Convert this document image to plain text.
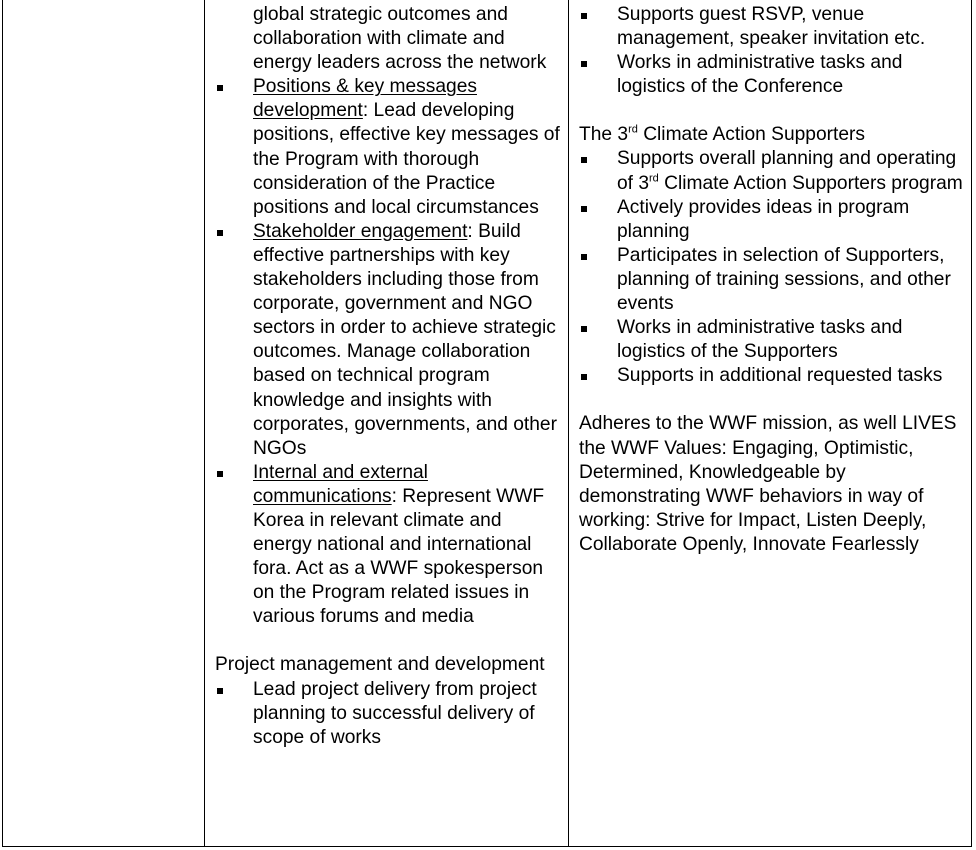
global strategic outcomes and collaboration with climate and energy leaders across the network

Positions & key messages development: Lead developing positions, effective key messages of the Program with thorough consideration of the Practice positions and local circumstances

Stakeholder engagement: Build effective partnerships with key stakeholders including those from corporate, government and NGO sectors in order to achieve strategic outcomes. Manage collaboration based on technical program knowledge and insights with corporates, governments, and other NGOs

Internal and external communications: Represent WWF Korea in relevant climate and energy national and international fora. Act as a WWF spokesperson on the Program related issues in various forums and media

Project management and development

Lead project delivery from project planning to successful delivery of scope of works

Supports guest RSVP, venue management, speaker invitation etc.

Works in administrative tasks and logistics of the Conference

The 3rd Climate Action Supporters

Supports overall planning and operating of 3rd Climate Action Supporters program

Actively provides ideas in program planning

Participates in selection of Supporters, planning of training sessions, and other events

Works in administrative tasks and logistics of the Supporters

Supports in additional requested tasks

Adheres to the WWF mission, as well LIVES the WWF Values: Engaging, Optimistic, Determined, Knowledgeable by demonstrating WWF behaviors in way of working: Strive for Impact, Listen Deeply, Collaborate Openly, Innovate Fearlessly
